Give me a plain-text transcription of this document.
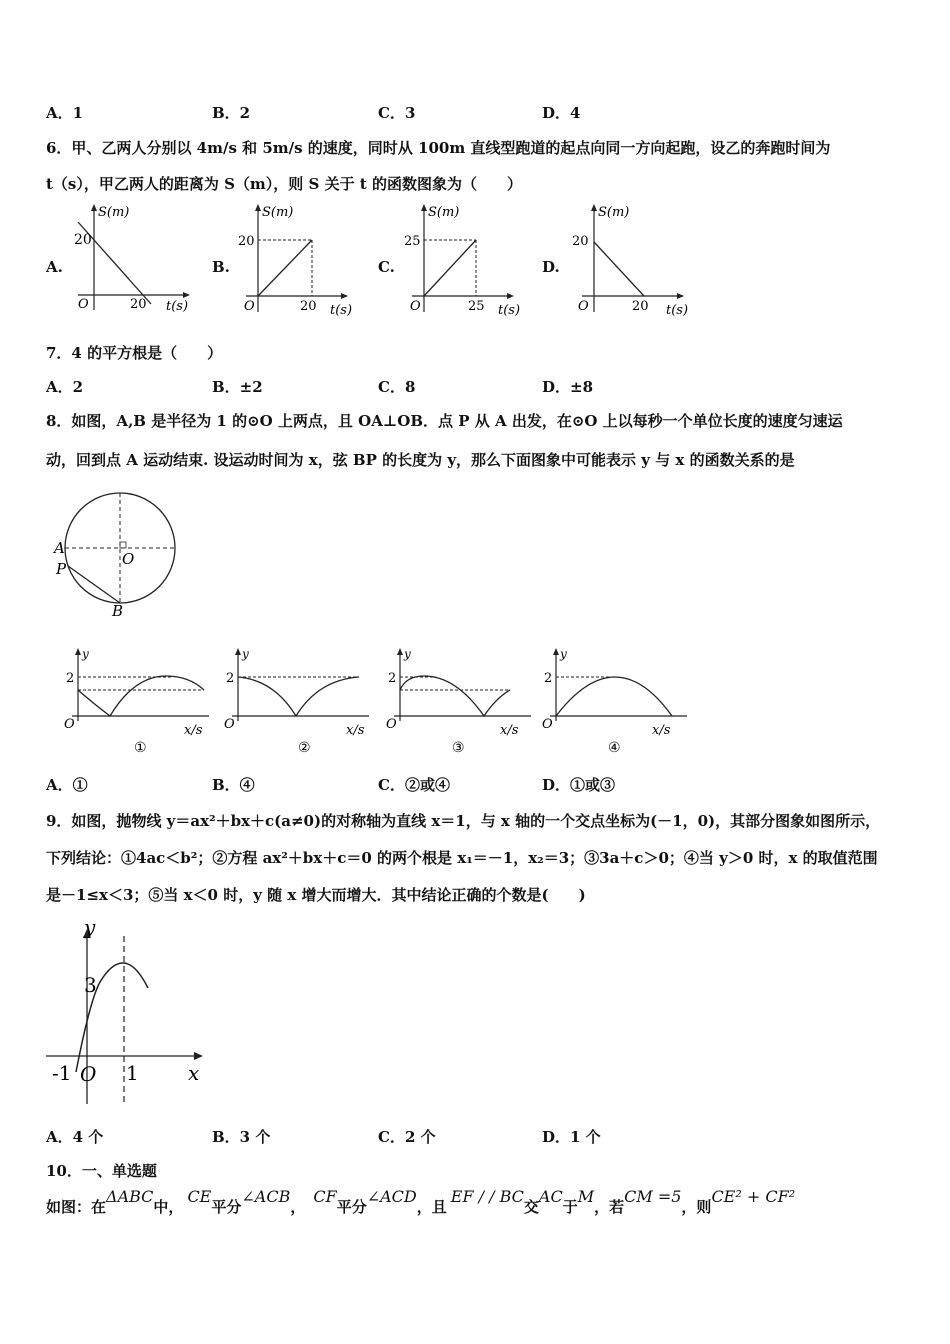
A．1	B．2	C．3	D．4
6．甲、乙两人分别以 4m/s 和 5m/s 的速度，同时从 100m 直线型跑道的起点向同一方向起跑，设乙的奔跑时间为
t（s），甲乙两人的距离为 S（m），则 S 关于 t 的函数图象为（　　）
A.	B.	C.	D.
S(m)
t(s)
O
20
20
S(m)
t(s)
O
20
20
S(m)
t(s)
O
25
25
S(m)
t(s)
O
20
20
7．4 的平方根是（　　）
A．2	B．±2	C．8	D．±8
8．如图，A,B 是半径为 1 的⊙O 上两点，且 OA⊥OB．点 P 从 A 出发，在⊙O 上以每秒一个单位长度的速度匀速运
动，回到点 A 运动结束. 设运动时间为 x，弦 BP 的长度为 y，那么下面图象中可能表示 y 与 x 的函数关系的是
A
P
O
B
y
2
O	x/s
①
y
2
O	x/s
②
y
2
O	x/s
③
y
2
O	x/s
④
A．①	B．④	C．②或④	D．①或③
9．如图，抛物线 y＝ax²＋bx＋c(a≠0)的对称轴为直线 x＝1，与 x 轴的一个交点坐标为(－1，0)，其部分图象如图所示，
下列结论：①4ac＜b²；②方程 ax²＋bx＋c＝0 的两个根是 x₁＝－1，x₂＝3；③3a＋c＞0；④当 y＞0 时，x 的取值范围
是－1≤x＜3；⑤当 x＜0 时，y 随 x 增大而增大．其中结论正确的个数是(　　)
y
3
-1 O 1 x
A．4 个	B．3 个	C．2 个	D．1 个
10．一、单选题
如图：在ΔABC中，CE平分∠ACB，CF平分∠ACD，且EF / / BC交AC于M，若CM =5，则CE² + CF²
